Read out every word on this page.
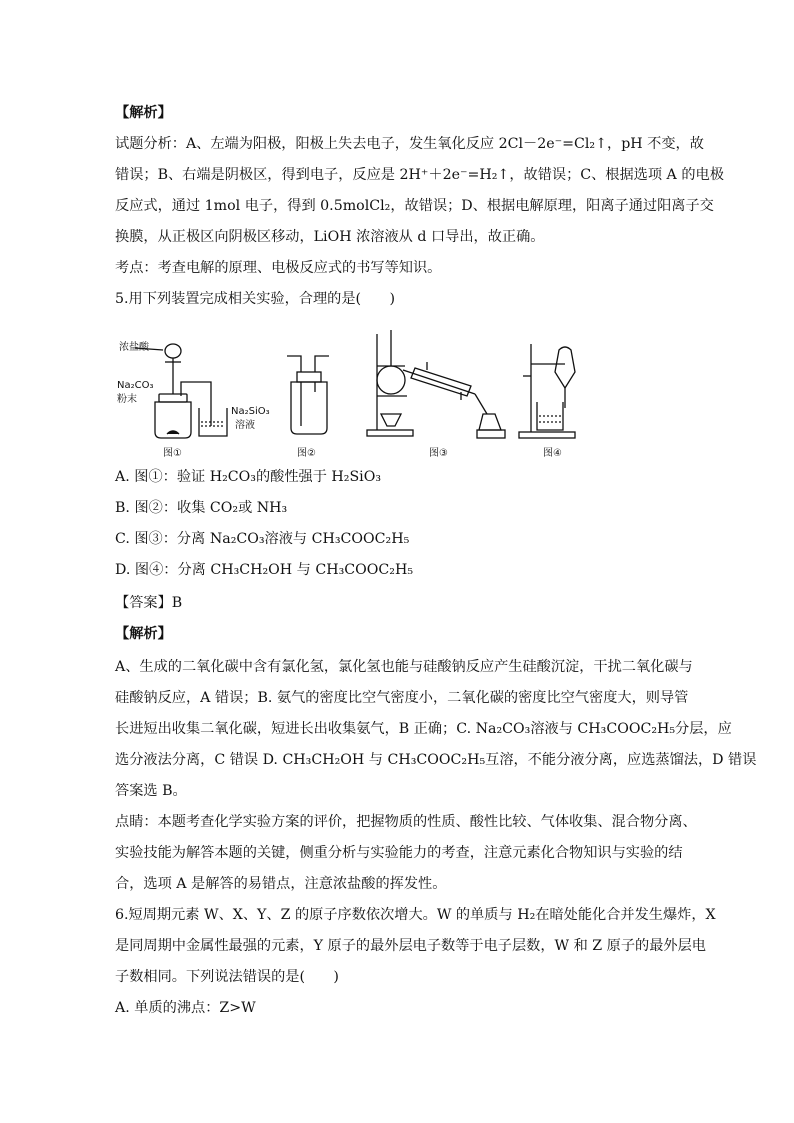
【解析】
试题分析：A、左端为阳极，阳极上失去电子，发生氧化反应 2Cl－2e⁻=Cl₂↑，pH 不变，故
错误；B、右端是阴极区，得到电子，反应是 2H⁺＋2e⁻=H₂↑，故错误；C、根据选项 A 的电极
反应式，通过 1mol 电子，得到 0.5molCl₂，故错误；D、根据电解原理，阳离子通过阳离子交
换膜，从正极区向阴极区移动，LiOH 浓溶液从 d 口导出，故正确。
考点：考查电解的原理、电极反应式的书写等知识。
5.用下列装置完成相关实验，合理的是(　　)
浓盐酸
Na₂CO₃
粉末
Na₂SiO₃
溶液
图①	图②	图③	图④
A. 图①：验证 H₂CO₃的酸性强于 H₂SiO₃
B. 图②：收集 CO₂或 NH₃
C. 图③：分离 Na₂CO₃溶液与 CH₃COOC₂H₅
D. 图④：分离 CH₃CH₂OH 与 CH₃COOC₂H₅
【答案】B
【解析】
A、生成的二氧化碳中含有氯化氢，氯化氢也能与硅酸钠反应产生硅酸沉淀，干扰二氧化碳与
硅酸钠反应，A 错误；B. 氨气的密度比空气密度小，二氧化碳的密度比空气密度大，则导管
长进短出收集二氧化碳，短进长出收集氨气，B 正确；C. Na₂CO₃溶液与 CH₃COOC₂H₅分层，应
选分液法分离，C 错误 D. CH₃CH₂OH 与 CH₃COOC₂H₅互溶，不能分液分离，应选蒸馏法，D 错误
答案选 B。
点睛：本题考查化学实验方案的评价，把握物质的性质、酸性比较、气体收集、混合物分离、
实验技能为解答本题的关键，侧重分析与实验能力的考查，注意元素化合物知识与实验的结
合，选项 A 是解答的易错点，注意浓盐酸的挥发性。
6.短周期元素 W、X、Y、Z 的原子序数依次增大。W 的单质与 H₂在暗处能化合并发生爆炸，X
是同周期中金属性最强的元素，Y 原子的最外层电子数等于电子层数，W 和 Z 原子的最外层电
子数相同。下列说法错误的是(　　)
A. 单质的沸点：Z>W
